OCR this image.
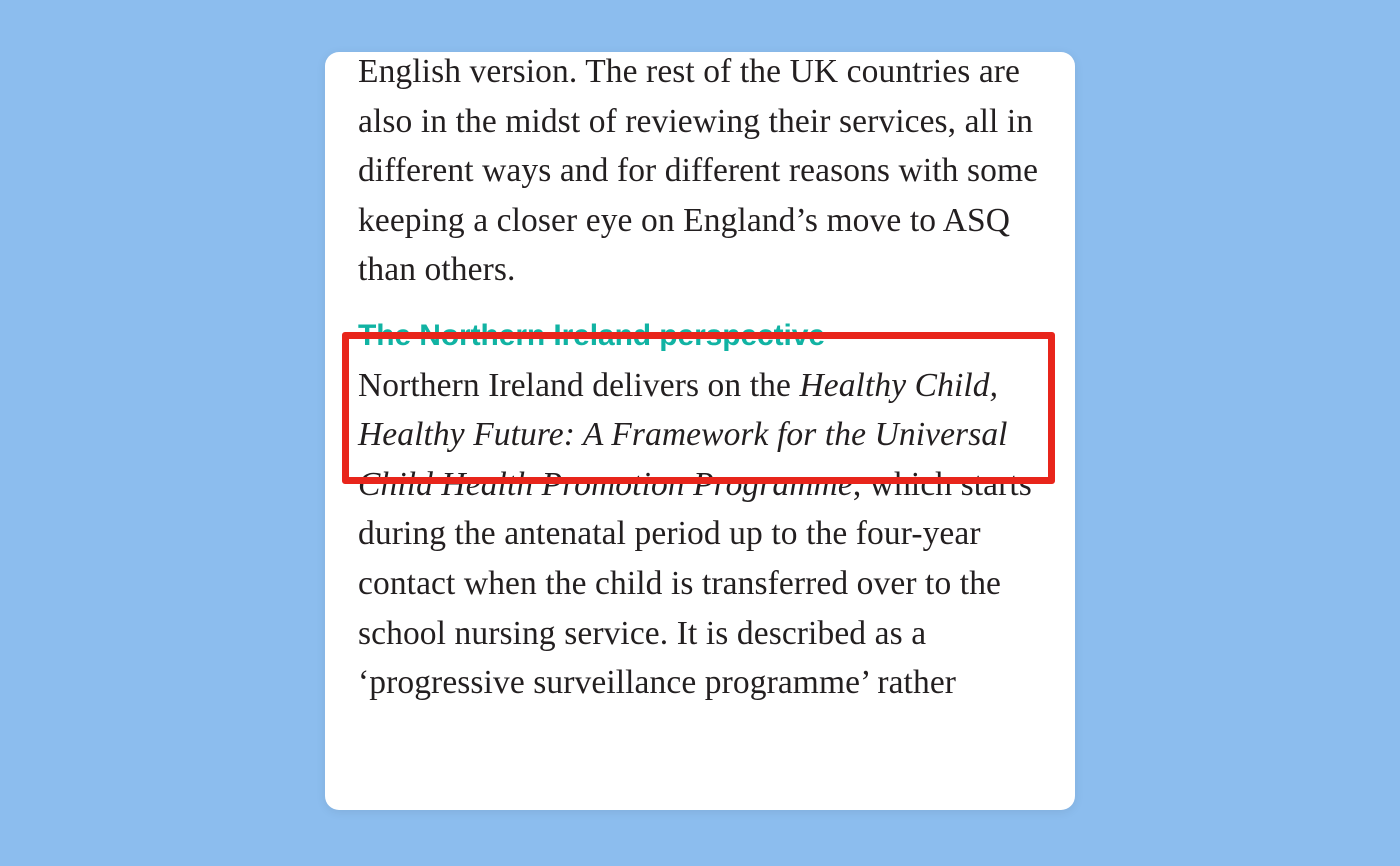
English version. The rest of the UK countries are also in the midst of reviewing their services, all in different ways and for different reasons with some keeping a closer eye on England’s move to ASQ than others.

The Northern Ireland perspective

Northern Ireland delivers on the Healthy Child, Healthy Future: A Framework for the Universal Child Health Promotion Programme, which starts during the antenatal period up to the four-year contact when the child is transferred over to the school nursing service. It is described as a ‘progressive surveillance programme’ rather
